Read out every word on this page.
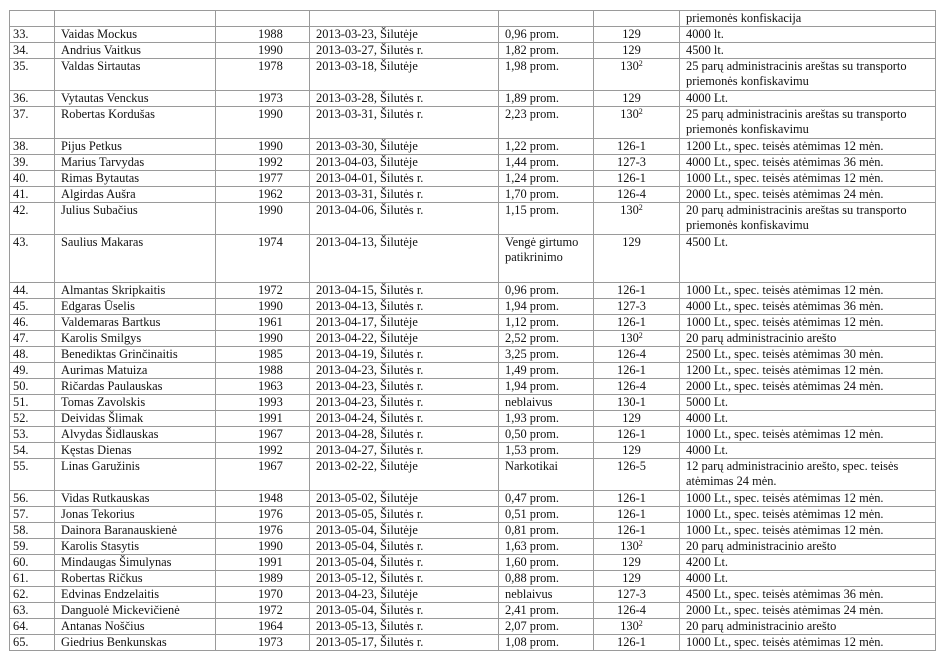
						priemonės konfiskacija
33.	Vaidas Mockus	1988	2013-03-23, Šilutėje	0,96 prom.	129	4000 lt.
34.	Andrius Vaitkus	1990	2013-03-27, Šilutės r.	1,82 prom.	129	4500 lt.
35.	Valdas Sirtautas	1978	2013-03-18, Šilutėje	1,98 prom.	$130^2$	25 parų administracinis areštas su transporto priemonės konfiskavimu
36.	Vytautas Venckus	1973	2013-03-28, Šilutės r.	1,89 prom.	129	4000 Lt.
37.	Robertas Kordušas	1990	2013-03-31, Šilutės r.	2,23 prom.	$130^2$	25 parų administracinis areštas su transporto priemonės konfiskavimu
38.	Pijus Petkus	1990	2013-03-30, Šilutėje	1,22 prom.	126-1	1200 Lt., spec. teisės atėmimas 12 mėn.
39.	Marius Tarvydas	1992	2013-04-03, Šilutėje	1,44 prom.	127-3	4000 Lt., spec. teisės atėmimas 36 mėn.
40.	Rimas Bytautas	1977	2013-04-01, Šilutės r.	1,24 prom.	126-1	1000 Lt., spec. teisės atėmimas 12 mėn.
41.	Algirdas Aušra	1962	2013-03-31, Šilutės r.	1,70 prom.	126-4	2000 Lt., spec. teisės atėmimas 24 mėn.
42.	Julius Subačius	1990	2013-04-06, Šilutės r.	1,15 prom.	$130^2$	20 parų administracinis areštas su transporto priemonės konfiskavimu
43.	Saulius Makaras	1974	2013-04-13, Šilutėje	Vengė girtumo patikrinimo	129	4500 Lt.
44.	Almantas Skripkaitis	1972	2013-04-15, Šilutės r.	0,96 prom.	126-1	1000 Lt., spec. teisės atėmimas 12 mėn.
45.	Edgaras Ūselis	1990	2013-04-13, Šilutės r.	1,94 prom.	127-3	4000 Lt., spec. teisės atėmimas 36 mėn.
46.	Valdemaras Bartkus	1961	2013-04-17, Šilutėje	1,12 prom.	126-1	1000 Lt., spec. teisės atėmimas 12 mėn.
47.	Karolis Smilgys	1990	2013-04-22, Šilutėje	2,52 prom.	$130^2$	20 parų administracinio arešto
48.	Benediktas Grinčinaitis	1985	2013-04-19, Šilutės r.	3,25 prom.	126-4	2500 Lt., spec. teisės atėmimas 30 mėn.
49.	Aurimas Matuiza	1988	2013-04-23, Šilutės r.	1,49 prom.	126-1	1200 Lt., spec. teisės atėmimas 12 mėn.
50.	Ričardas Paulauskas	1963	2013-04-23, Šilutės r.	1,94 prom.	126-4	2000 Lt., spec. teisės atėmimas 24 mėn.
51.	Tomas Zavolskis	1993	2013-04-23, Šilutės r.	neblaivus	130-1	5000 Lt.
52.	Deividas Šlimak	1991	2013-04-24, Šilutės r.	1,93 prom.	129	4000 Lt.
53.	Alvydas Šidlauskas	1967	2013-04-28, Šilutės r.	0,50 prom.	126-1	1000 Lt., spec. teisės atėmimas 12 mėn.
54.	Kęstas Dienas	1992	2013-04-27, Šilutės r.	1,53 prom.	129	4000 Lt.
55.	Linas Garužinis	1967	2013-02-22, Šilutėje	Narkotikai	126-5	12 parų administracinio arešto, spec. teisės atėmimas 24 mėn.
56.	Vidas Rutkauskas	1948	2013-05-02, Šilutėje	0,47 prom.	126-1	1000 Lt., spec. teisės atėmimas 12 mėn.
57.	Jonas Tekorius	1976	2013-05-05, Šilutės r.	0,51 prom.	126-1	1000 Lt., spec. teisės atėmimas 12 mėn.
58.	Dainora Baranauskienė	1976	2013-05-04, Šilutėje	0,81 prom.	126-1	1000 Lt., spec. teisės atėmimas 12 mėn.
59.	Karolis Stasytis	1990	2013-05-04, Šilutės r.	1,63 prom.	$130^2$	20 parų administracinio arešto
60.	Mindaugas Šimulynas	1991	2013-05-04, Šilutės r.	1,60 prom.	129	4200 Lt.
61.	Robertas Ričkus	1989	2013-05-12, Šilutės r.	0,88 prom.	129	4000 Lt.
62.	Edvinas Endzelaitis	1970	2013-04-23, Šilutėje	neblaivus	127-3	4500 Lt., spec. teisės atėmimas 36 mėn.
63.	Danguolė Mickevičienė	1972	2013-05-04, Šilutės r.	2,41 prom.	126-4	2000 Lt., spec. teisės atėmimas 24 mėn.
64.	Antanas Noščius	1964	2013-05-13, Šilutės r.	2,07 prom.	$130^2$	20 parų administracinio arešto
65.	Giedrius Benkunskas	1973	2013-05-17, Šilutės r.	1,08 prom.	126-1	1000 Lt., spec. teisės atėmimas 12 mėn.
